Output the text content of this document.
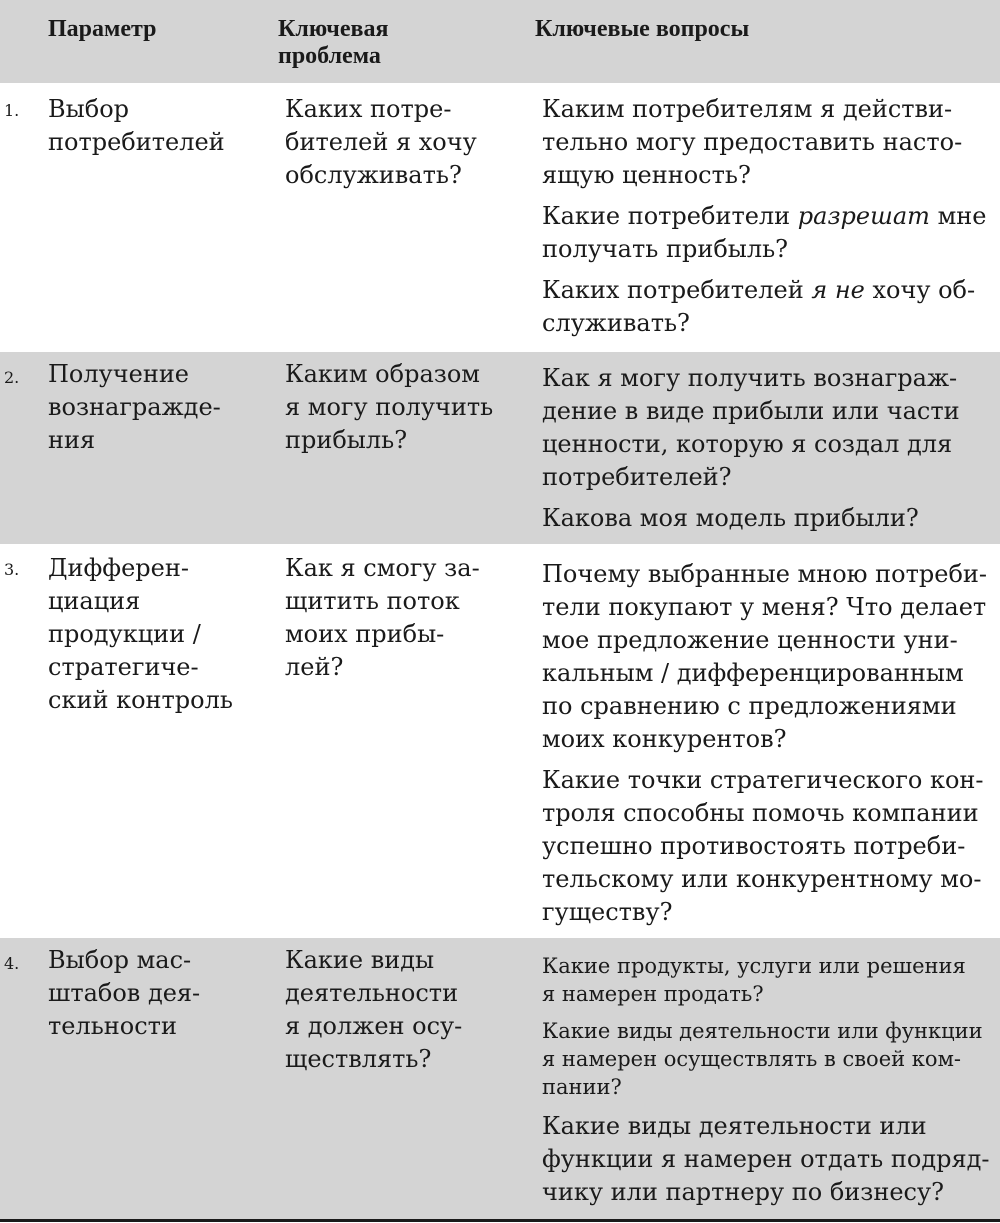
Параметр	Ключевая
проблема
Ключевые вопросы
1. Выбор
потребителей
Каких потре-
бителей я хочу
обслуживать?

Каким потребителям я действи-
тельно могу предоставить насто-
ящую ценность?

Какие потребители разрешат мне
получать прибыль?

Каких потребителей я не хочу об-
служивать?

2. Получение
вознагражде-
ния
Каким образом
я могу получить
прибыль?

Как я могу получить вознаграж-
дение в виде прибыли или части
ценности, которую я создал для
потребителей?

Какова моя модель прибыли?

3. Дифферен-
циация
продукции /
стратегиче-
ский контроль
Как я смогу за-
щитить поток
моих прибы-
лей?

Почему выбранные мною потреби-
тели покупают у меня? Что делает
мое предложение ценности уни-
кальным / дифференцированным
по сравнению с предложениями
моих конкурентов?

Какие точки стратегического кон-
троля способны помочь компании
успешно противостоять потреби-
тельскому или конкурентному мо-
гуществу?

4. Выбор мас-
штабов дея-
тельности
Какие виды
деятельности
я должен осу-
ществлять?

Какие продукты, услуги или решения
я намерен продать?

Какие виды деятельности или функции
я намерен осуществлять в своей ком-
пании?

Какие виды деятельности или
функции я намерен отдать подряд-
чику или партнеру по бизнесу?
